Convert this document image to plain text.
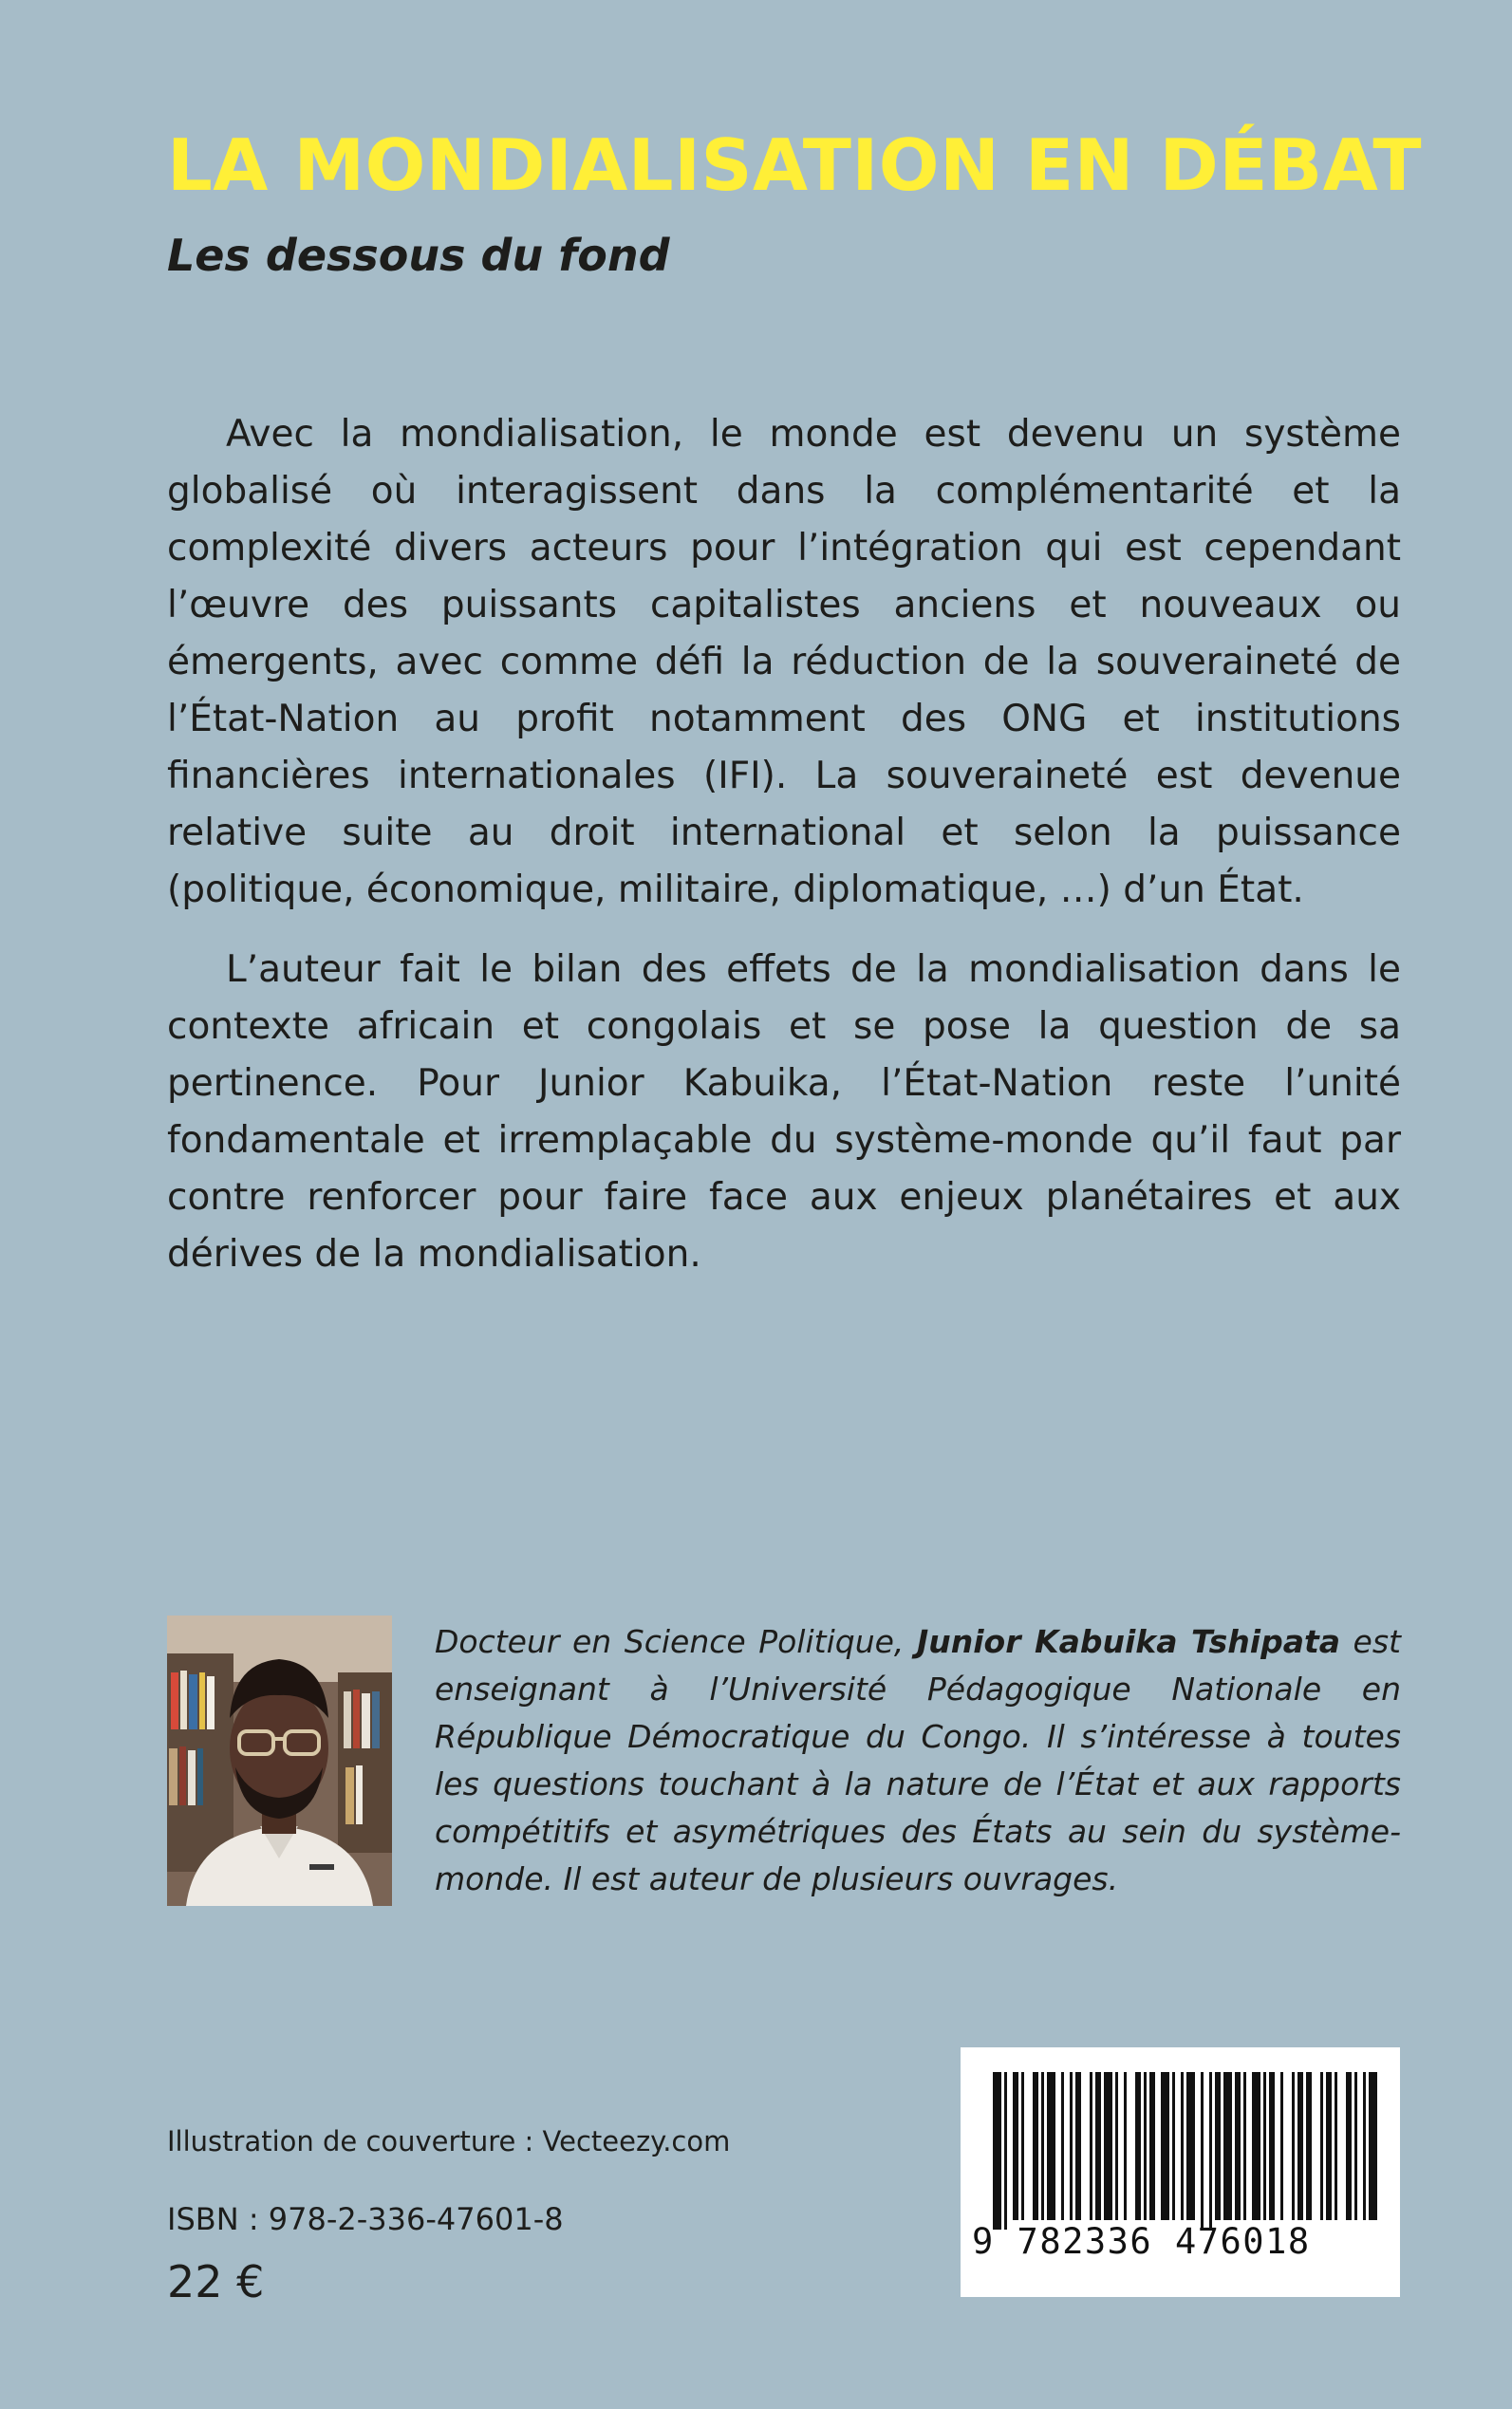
LA MONDIALISATION EN DÉBAT
Les dessous du fond

Avec la mondialisation, le monde est devenu un système globalisé où interagissent dans la complémentarité et la complexité divers acteurs pour l’intégration qui est cependant l’œuvre des puissants capitalistes anciens et nouveaux ou émergents, avec comme défi la réduction de la souveraineté de l’État-Nation au profit notamment des ONG et institutions financières internationales (IFI). La souveraineté est devenue relative suite au droit international et selon la puissance (politique, économique, militaire, diplomatique, …) d’un État.

L’auteur fait le bilan des effets de la mondialisation dans le contexte africain et congolais et se pose la question de sa pertinence. Pour Junior Kabuika, l’État-Nation reste l’unité fondamentale et irremplaçable du système-monde qu’il faut par contre renforcer pour faire face aux enjeux planétaires et aux dérives de la mondialisation.

Docteur en Science Politique, Junior Kabuika Tshipata est enseignant à l’Université Pédagogique Nationale en République Démocratique du Congo. Il s’intéresse à toutes les questions touchant à la nature de l’État et aux rapports compétitifs et asymétriques des États au sein du système-monde. Il est auteur de plusieurs ouvrages.

Illustration de couverture : Vecteezy.com
ISBN : 978-2-336-47601-8
22 €
9 782336 476018
